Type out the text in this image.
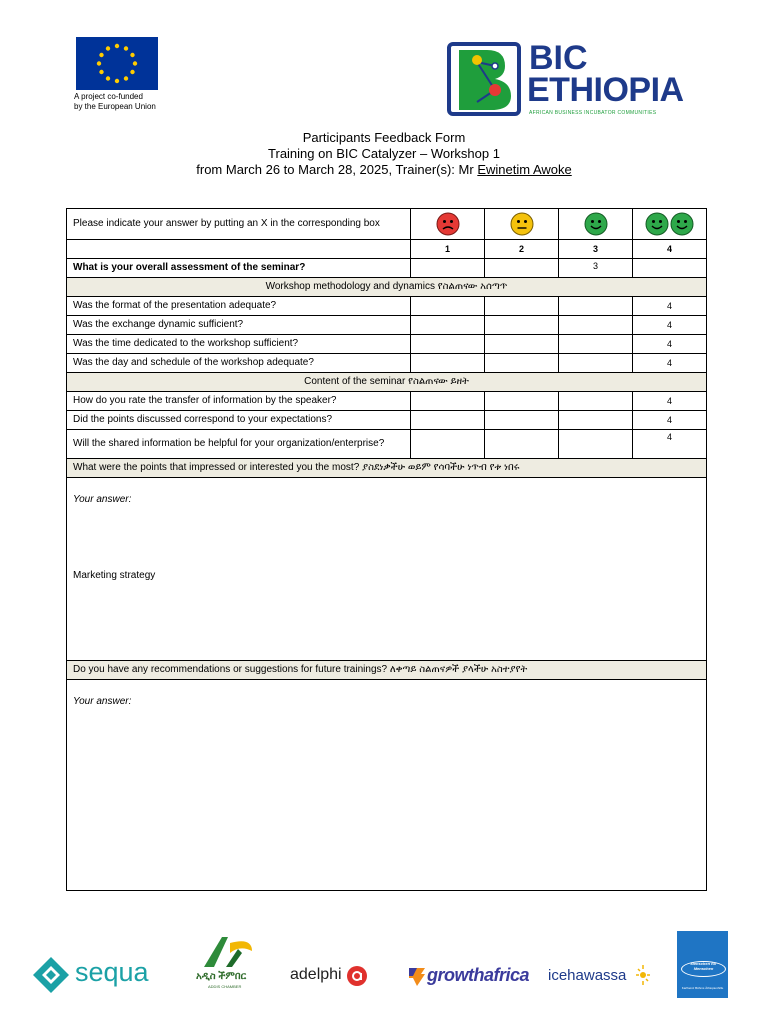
A project co-funded
by the European Union
BIC
ETHIOPIA
AFRICAN BUSINESS INCUBATOR COMMUNITIES
Participants Feedback Form
Training on BIC Catalyzer – Workshop 1
from March 26 to March 28, 2025, Trainer(s): Mr Ewinetim Awoke
Please indicate your answer by putting an X in the corresponding box				
	1	2	3	4
What is your overall assessment of the seminar?			3	
Workshop methodology and dynamics የስልጠናው አሰጣጥ				
Was the format of the presentation adequate?				4
Was the exchange dynamic sufficient?				4
Was the time dedicated to the workshop sufficient?				4
Was the day and schedule of the workshop adequate?				4
Content of the seminar የስልጠናው ይዘት				
How do you rate the transfer of information by the speaker?				4
Did the points discussed correspond to your expectations?				4
Will the shared information be helpful for your organization/enterprise?				4
What were the points that impressed or interested you the most? ያስደነቃችሁ ወይም የሳባችሁ ነጥብ የቱ ነበሩ				

Your answer:
Marketing strategy				

Do you have any recommendations or suggestions for future trainings? ለቀጣይ ስልጠናዎች ያላችሁ አስተያየት				

Your answer:				
sequa	አዲስ ችምበር
ADDIS CHAMBER
adelphi	growthafrica icehawassa
Menschen für Menschen
Karlheinz Böhms Äthiopienhilfe
